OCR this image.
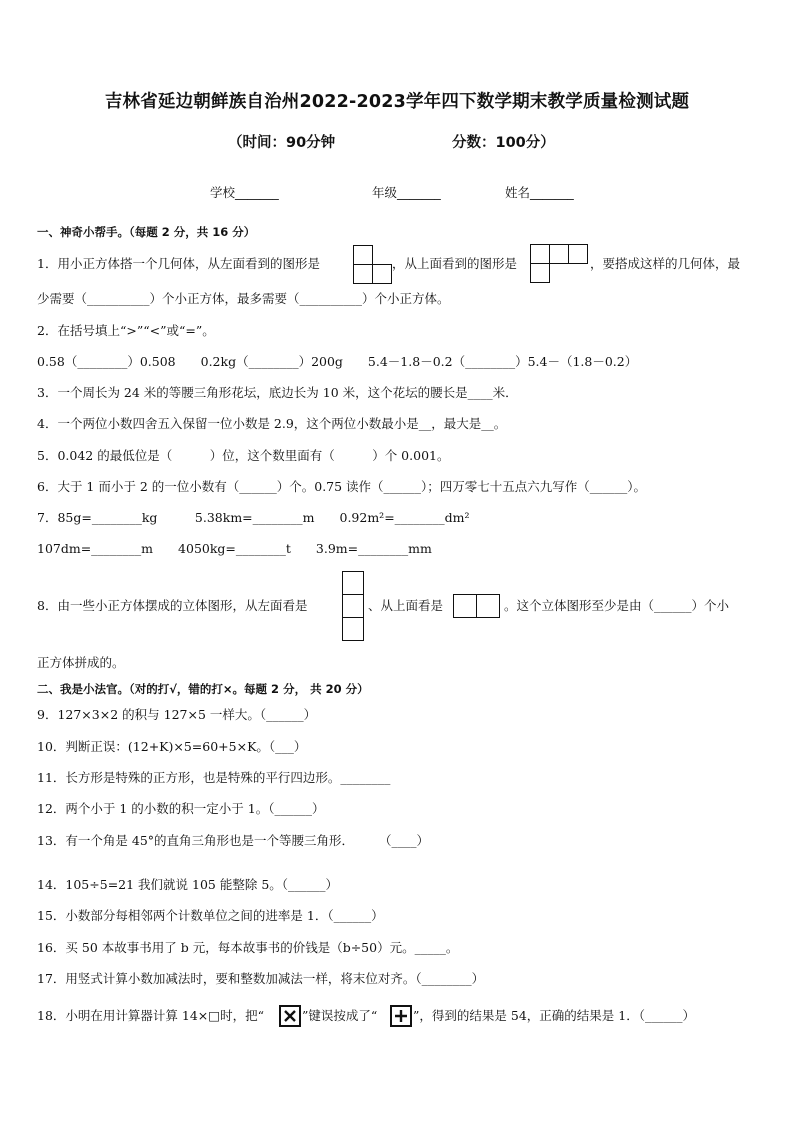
吉林省延边朝鲜族自治州2022-2023学年四下数学期末教学质量检测试题
（时间：90分钟	分数：100分）
学校_______	年级_______	姓名_______
一、神奇小帮手。（每题 2 分，共 16 分）
1．用小正方体搭一个几何体，从左面看到的图形是

		，从上面看到的图形是

			，要搭成这样的几何体，最
少需要（__________）个小正方体，最多需要（__________）个小正方体。
2．在括号填上“>”“<”或“=”。
0.58（________）0.508　　0.2kg（________）200g　　5.4－1.8－0.2（________）5.4－（1.8－0.2）
3．一个周长为 24 米的等腰三角形花坛，底边长为 10 米，这个花坛的腰长是____米．
4．一个两位小数四舍五入保留一位小数是 2.9，这个两位小数最小是__，最大是__。
5．0.042 的最低位是（　　　）位，这个数里面有（　　　）个 0.001。
6．大于 1 而小于 2 的一位小数有（______）个。0.75 读作（______）；四万零七十五点六九写作（______）。
7．85g=________kg　　　5.38km=________m　　0.92m²=________dm²
107dm=________m　　4050kg=________t　　3.9m=________mm
8．由一些小正方体摆成的立体图形，从左面看是	、从上面看是
		。这个立体图形至少是由（______）个小
正方体拼成的。
二、我是小法官。（对的打√，错的打×。每题 2 分， 共 20 分）
9．127×3×2 的积与 127×5 一样大。（______）
10．判断正误：(12+K)×5=60+5×K。（___）
11．长方形是特殊的正方形，也是特殊的平行四边形。________
12．两个小于 1 的小数的积一定小于 1。（______）
13．有一个角是 45°的直角三角形也是一个等腰三角形．　　　（____）
14．105÷5=21 我们就说 105 能整除 5。（______）
15．小数部分每相邻两个计数单位之间的进率是 1．（______）
16．买 50 本故事书用了 b 元，每本故事书的价钱是（b÷50）元。_____。
17．用竖式计算小数加减法时，要和整数加减法一样，将末位对齐。（________）
18．小明在用计算器计算 14×□时，把“	”键误按成了“	”，得到的结果是 54，正确的结果是 1．（______）
